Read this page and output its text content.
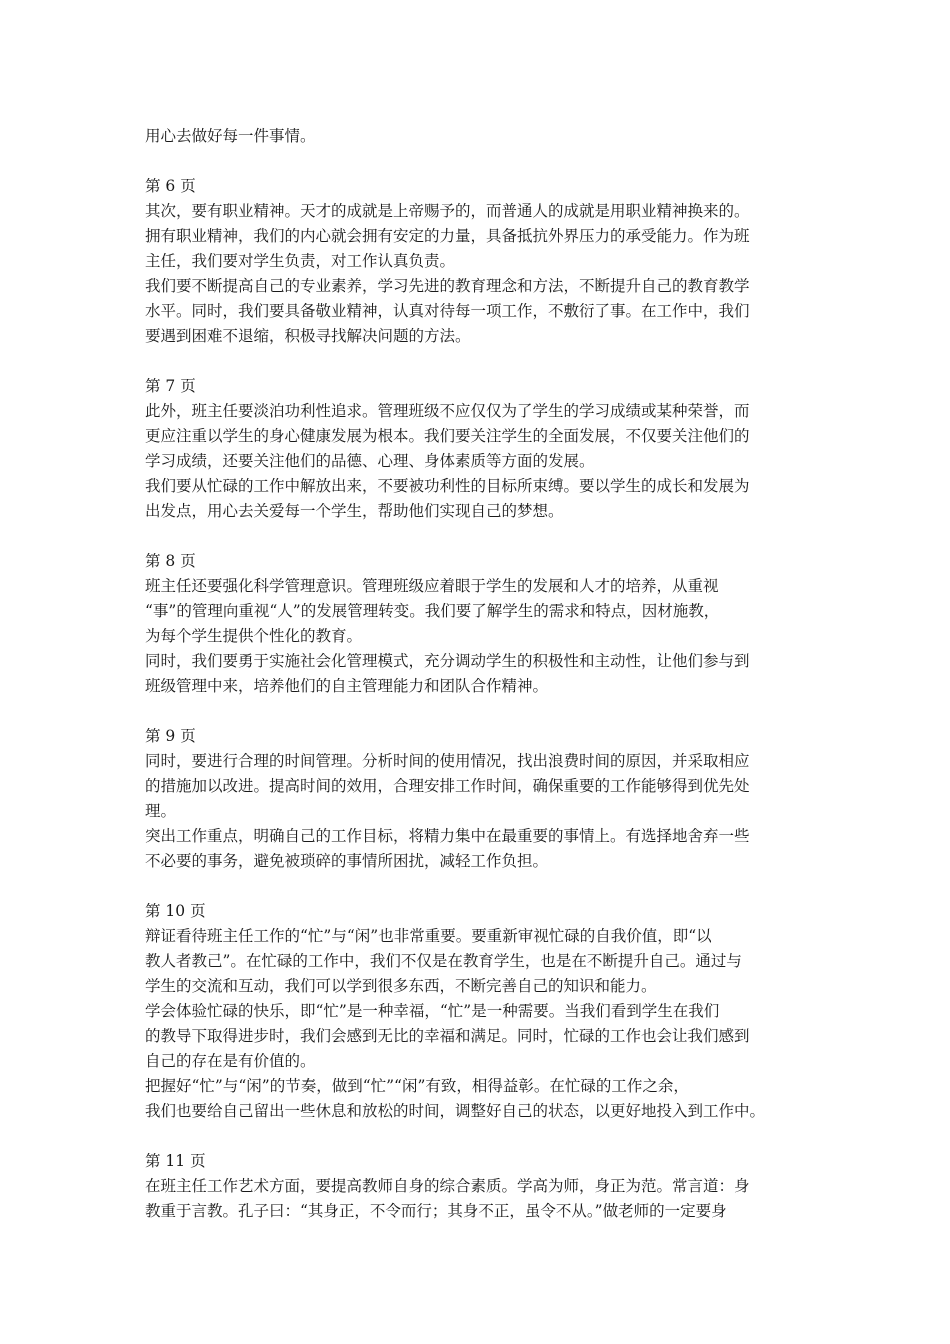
用心去做好每一件事情。
第 6 页
其次，要有职业精神。天才的成就是上帝赐予的，而普通人的成就是用职业精神换来的。
拥有职业精神，我们的内心就会拥有安定的力量，具备抵抗外界压力的承受能力。作为班
主任，我们要对学生负责，对工作认真负责。
我们要不断提高自己的专业素养，学习先进的教育理念和方法，不断提升自己的教育教学
水平。同时，我们要具备敬业精神，认真对待每一项工作，不敷衍了事。在工作中，我们
要遇到困难不退缩，积极寻找解决问题的方法。
第 7 页
此外，班主任要淡泊功利性追求。管理班级不应仅仅为了学生的学习成绩或某种荣誉，而
更应注重以学生的身心健康发展为根本。我们要关注学生的全面发展，不仅要关注他们的
学习成绩，还要关注他们的品德、心理、身体素质等方面的发展。
我们要从忙碌的工作中解放出来，不要被功利性的目标所束缚。要以学生的成长和发展为
出发点，用心去关爱每一个学生，帮助他们实现自己的梦想。
第 8 页
班主任还要强化科学管理意识。管理班级应着眼于学生的发展和人才的培养，从重视
“事”的管理向重视“人”的发展管理转变。我们要了解学生的需求和特点，因材施教，
为每个学生提供个性化的教育。
同时，我们要勇于实施社会化管理模式，充分调动学生的积极性和主动性，让他们参与到
班级管理中来，培养他们的自主管理能力和团队合作精神。
第 9 页
同时，要进行合理的时间管理。分析时间的使用情况，找出浪费时间的原因，并采取相应
的措施加以改进。提高时间的效用，合理安排工作时间，确保重要的工作能够得到优先处
理。
突出工作重点，明确自己的工作目标，将精力集中在最重要的事情上。有选择地舍弃一些
不必要的事务，避免被琐碎的事情所困扰，减轻工作负担。
第 10 页
辩证看待班主任工作的“忙”与“闲”也非常重要。要重新审视忙碌的自我价值，即“以
教人者教己”。在忙碌的工作中，我们不仅是在教育学生，也是在不断提升自己。通过与
学生的交流和互动，我们可以学到很多东西，不断完善自己的知识和能力。
学会体验忙碌的快乐，即“忙”是一种幸福，“忙”是一种需要。当我们看到学生在我们
的教导下取得进步时，我们会感到无比的幸福和满足。同时，忙碌的工作也会让我们感到
自己的存在是有价值的。
把握好“忙”与“闲”的节奏，做到“忙”“闲”有致，相得益彰。在忙碌的工作之余，
我们也要给自己留出一些休息和放松的时间，调整好自己的状态，以更好地投入到工作中。
第 11 页
在班主任工作艺术方面，要提高教师自身的综合素质。学高为师，身正为范。常言道：身
教重于言教。孔子曰：“其身正，不令而行；其身不正，虽令不从。”做老师的一定要身
